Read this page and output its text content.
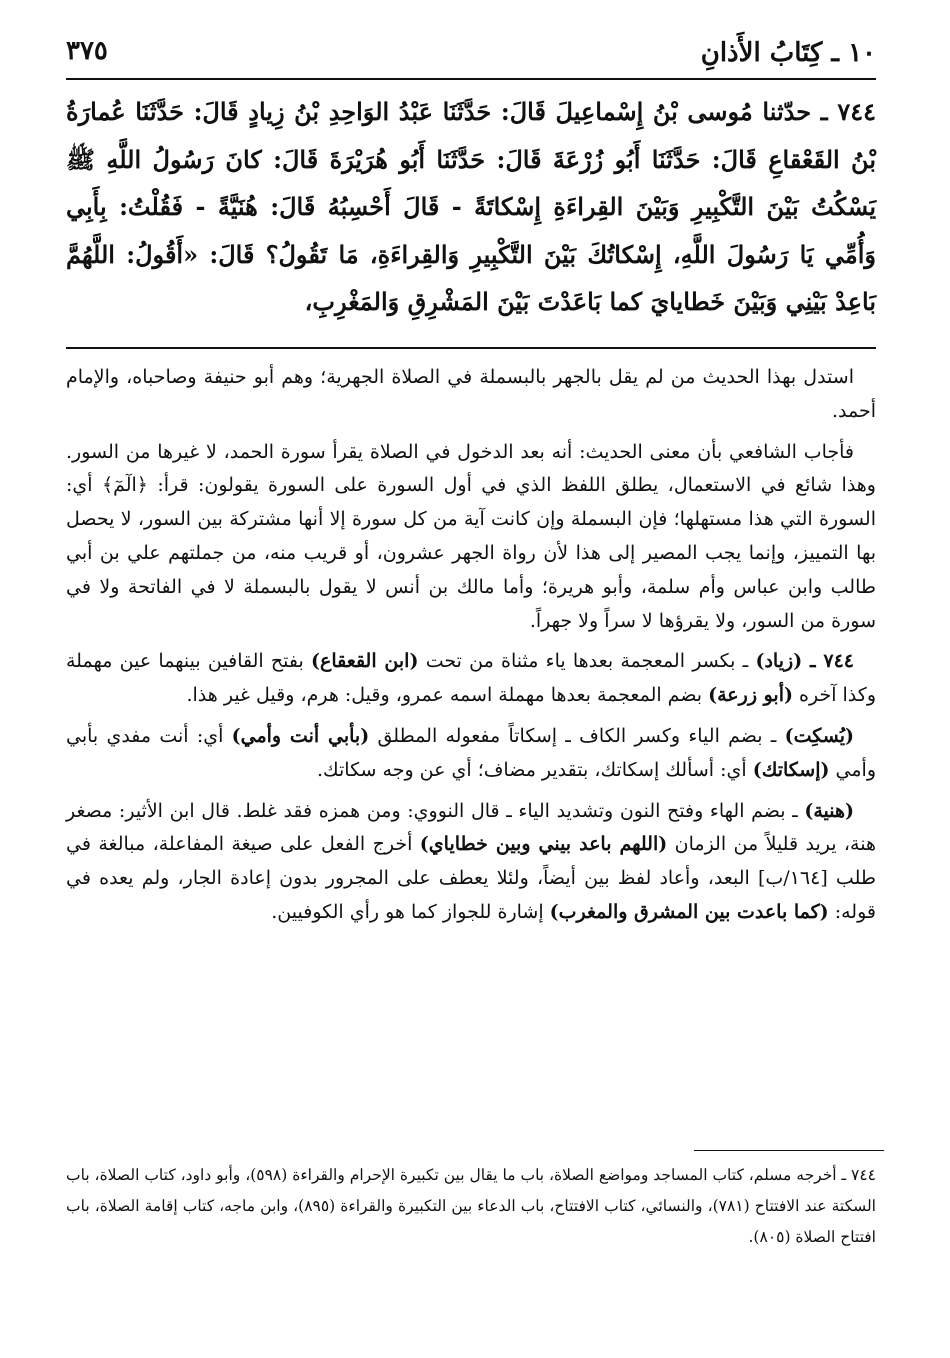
١٠ ـ كِتَابُ الأَذانِ
٣٧٥
٧٤٤ ـ حدّثنا مُوسى بْنُ إِسْماعِيلَ قَالَ: حَدَّثَنَا عَبْدُ الوَاحِدِ بْنُ زِيادٍ قَالَ: حَدَّثَنَا عُمارَةُ بْنُ القَعْقاعِ قَالَ: حَدَّثَنَا أَبُو زُرْعَةَ قَالَ: حَدَّثَنَا أَبُو هُرَيْرَةَ قَالَ: كانَ رَسُولُ اللَّهِ ﷺ يَسْكُتُ بَيْنَ التَّكْبِيرِ وَبَيْنَ القِراءَةِ إِسْكاتَةً - قَالَ أَحْسِبُهُ قَالَ: هُنَيَّةً - فَقُلْتُ: بِأَبِي وَأُمِّي يَا رَسُولَ اللَّهِ، إِسْكاتُكَ بَيْنَ التَّكْبِيرِ وَالقِراءَةِ، مَا تَقُولُ؟ قَالَ: «أَقُولُ: اللَّهُمَّ بَاعِدْ بَيْنِي وَبَيْنَ خَطايايَ كما بَاعَدْتَ بَيْنَ المَشْرِقِ وَالمَغْرِبِ،

استدل بهذا الحديث من لم يقل بالجهر بالبسملة في الصلاة الجهرية؛ وهم أبو حنيفة وصاحباه، والإمام أحمد.

فأجاب الشافعي بأن معنى الحديث: أنه بعد الدخول في الصلاة يقرأ سورة الحمد، لا غيرها من السور. وهذا شائع في الاستعمال، يطلق اللفظ الذي في أول السورة على السورة يقولون: قرأ: ﴿الٓمٓ﴾ أي: السورة التي هذا مستهلها؛ فإن البسملة وإن كانت آية من كل سورة إلا أنها مشتركة بين السور، لا يحصل بها التمييز، وإنما يجب المصير إلى هذا لأن رواة الجهر عشرون، أو قريب منه، من جملتهم علي بن أبي طالب وابن عباس وأم سلمة، وأبو هريرة؛ وأما مالك بن أنس لا يقول بالبسملة لا في الفاتحة ولا في سورة من السور، ولا يقرؤها لا سراً ولا جهراً.

٧٤٤ ـ (زياد) ـ بكسر المعجمة بعدها ياء مثناة من تحت (ابن القعقاع) بفتح القافين بينهما عين مهملة وكذا آخره (أبو زرعة) بضم المعجمة بعدها مهملة اسمه عمرو، وقيل: هرم، وقيل غير هذا.

(يُسكِت) ـ بضم الياء وكسر الكاف ـ إسكاتاً مفعوله المطلق (بأبي أنت وأمي) أي: أنت مفدي بأبي وأمي (إسكاتك) أي: أسألك إسكاتك، بتقدير مضاف؛ أي عن وجه سكاتك.

(هنية) ـ بضم الهاء وفتح النون وتشديد الياء ـ قال النووي: ومن همزه فقد غلط. قال ابن الأثير: مصغر هنة، يريد قليلاً من الزمان (اللهم باعد بيني وبين خطاياي) أخرج الفعل على صيغة المفاعلة، مبالغة في طلب [١٦٤/ب] البعد، وأعاد لفظ بين أيضاً، ولئلا يعطف على المجرور بدون إعادة الجار، ولم يعده في قوله: (كما باعدت بين المشرق والمغرب) إشارة للجواز كما هو رأي الكوفيين.

٧٤٤ ـ أخرجه مسلم، كتاب المساجد ومواضع الصلاة، باب ما يقال بين تكبيرة الإحرام والقراءة (٥٩٨)، وأبو داود، كتاب الصلاة، باب السكتة عند الافتتاح (٧٨١)، والنسائي، كتاب الافتتاح، باب الدعاء بين التكبيرة والقراءة (٨٩٥)، وابن ماجه، كتاب إقامة الصلاة، باب افتتاح الصلاة (٨٠٥).
